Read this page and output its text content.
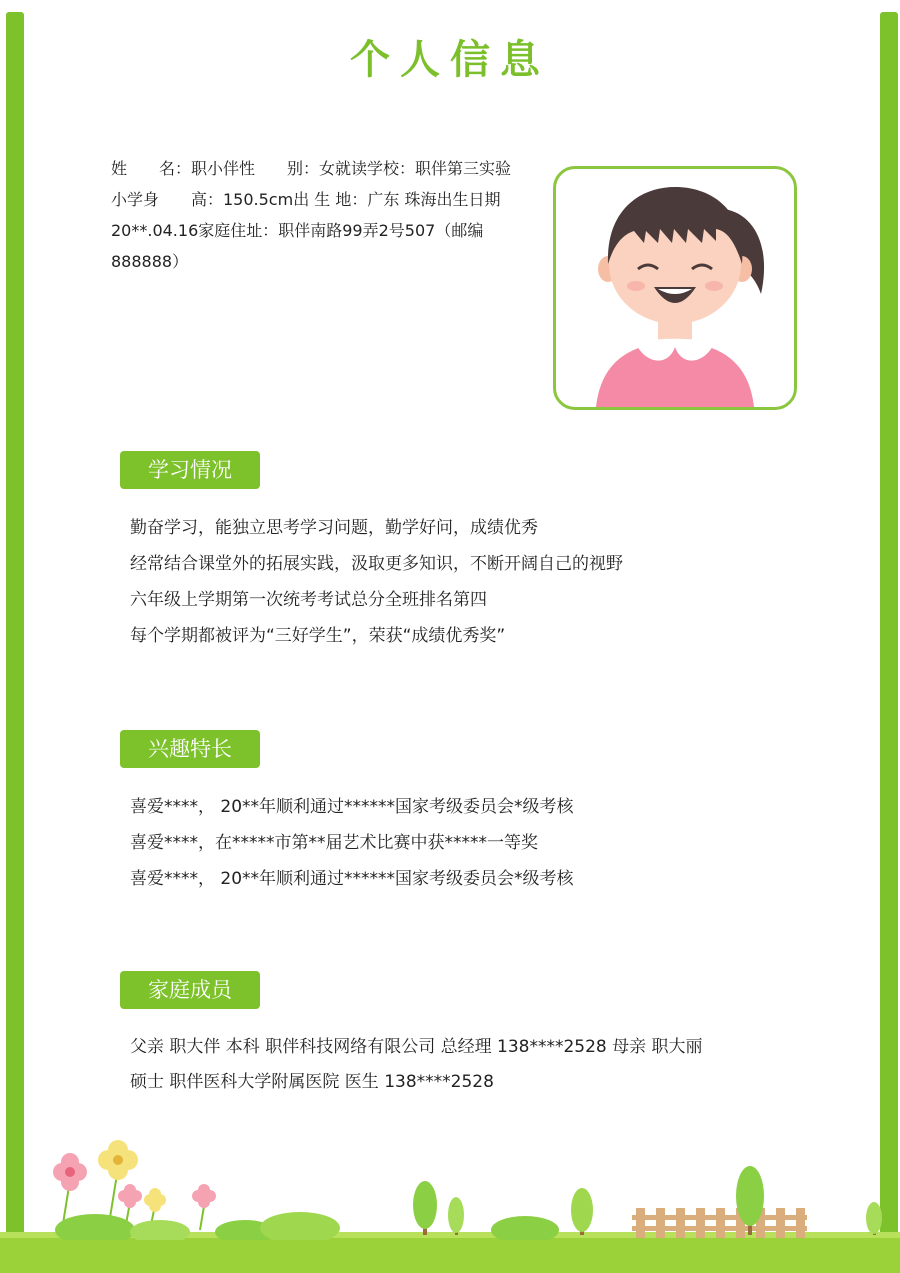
个人信息

姓　　名：职小伴性　　别：女就读学校：职伴第三实验

小学身　　高：150.5cm出 生 地：广东 珠海出生日期

20**.04.16家庭住址：职伴南路99弄2号507（邮编

888888）

学习情况

勤奋学习，能独立思考学习问题，勤学好问，成绩优秀

经常结合课堂外的拓展实践，汲取更多知识，不断开阔自己的视野

六年级上学期第一次统考考试总分全班排名第四

每个学期都被评为“三好学生”，荣获“成绩优秀奖”

兴趣特长

喜爱****， 20**年顺利通过******国家考级委员会*级考核

喜爱****，在*****市第**届艺术比赛中获*****一等奖

喜爱****， 20**年顺利通过******国家考级委员会*级考核

家庭成员

父亲 职大伴 本科 职伴科技网络有限公司 总经理 138****2528 母亲 职大丽

硕士 职伴医科大学附属医院 医生 138****2528
